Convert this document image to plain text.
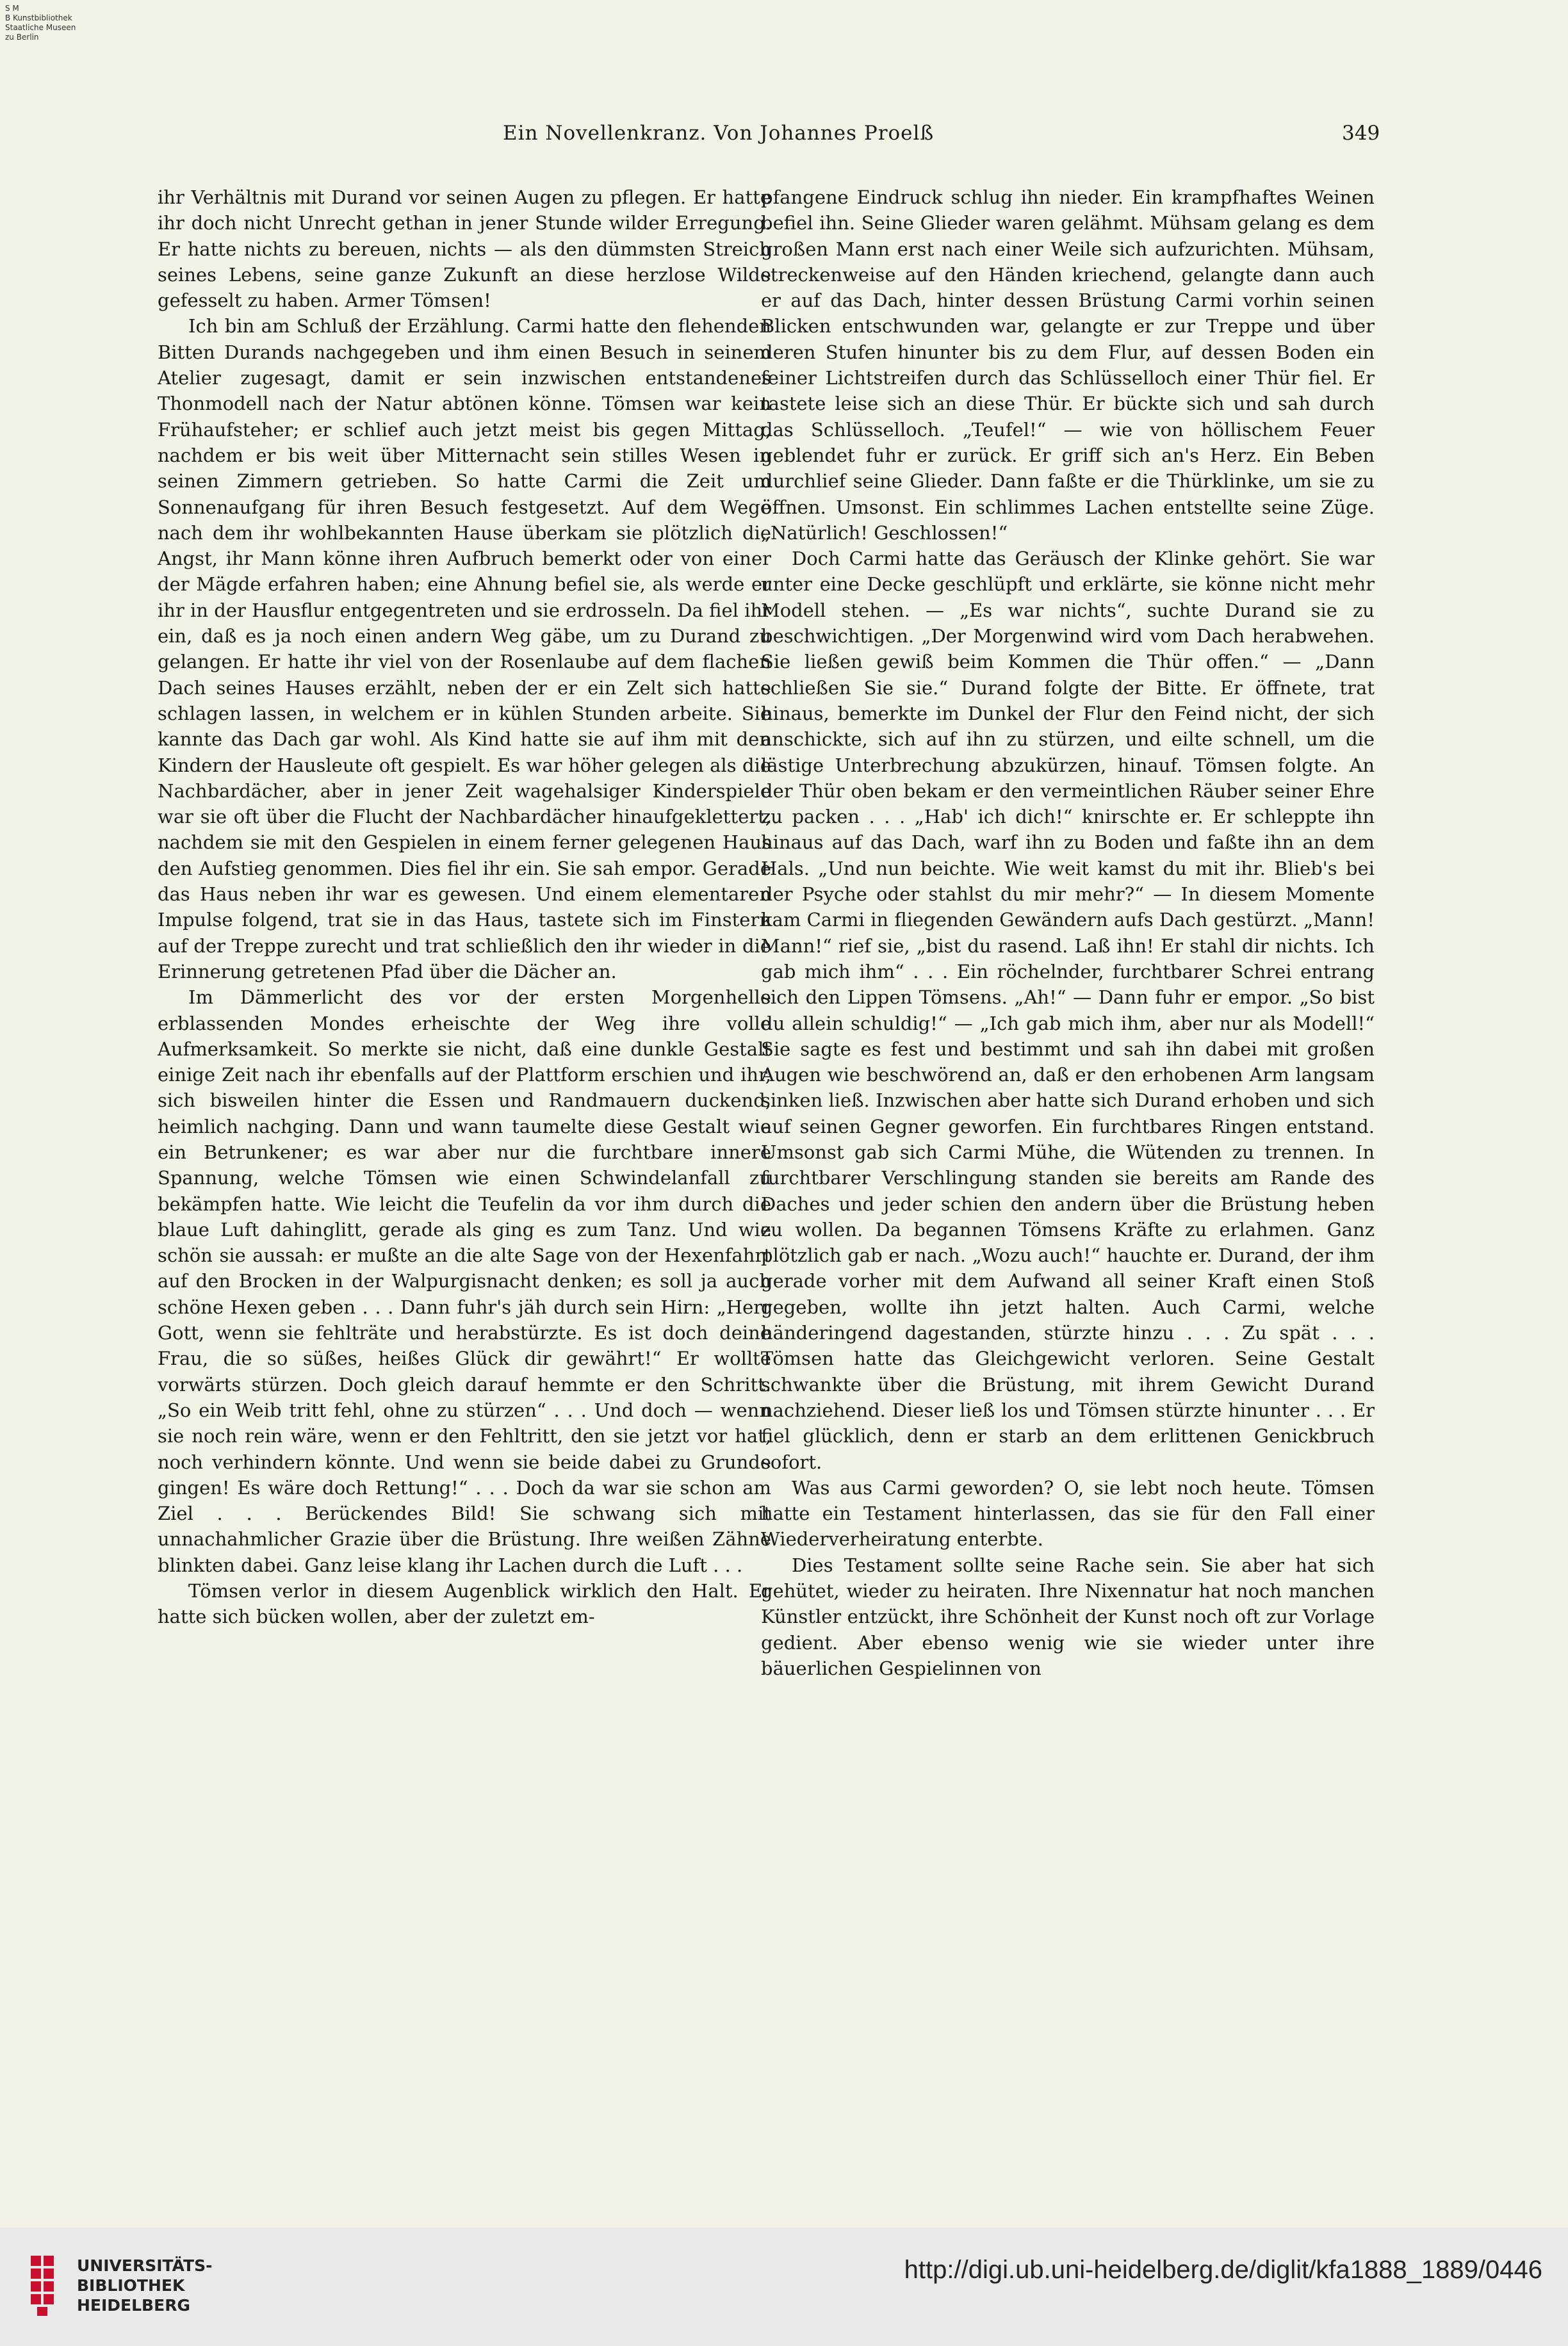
S M
B Kunstbibliothek
Staatliche Museen
zu Berlin
Ein Novellenkranz. Von Johannes Proelß	349

ihr Verhältnis mit Durand vor seinen Augen zu pflegen. Er hatte ihr doch nicht Unrecht gethan in jener Stunde wilder Erregung. Er hatte nichts zu bereuen, nichts — als den dümmsten Streich seines Lebens, seine ganze Zukunft an diese herzlose Wilde gefesselt zu haben. Armer Tömsen!

Ich bin am Schluß der Erzählung. Carmi hatte den flehenden Bitten Durands nachgegeben und ihm einen Besuch in seinem Atelier zugesagt, damit er sein inzwischen entstandenes Thonmodell nach der Natur abtönen könne. Tömsen war kein Frühaufsteher; er schlief auch jetzt meist bis gegen Mittag, nachdem er bis weit über Mitternacht sein stilles Wesen in seinen Zimmern getrieben. So hatte Carmi die Zeit um Sonnenaufgang für ihren Besuch festgesetzt. Auf dem Wege nach dem ihr wohlbekannten Hause überkam sie plötzlich die Angst, ihr Mann könne ihren Aufbruch bemerkt oder von einer der Mägde erfahren haben; eine Ahnung befiel sie, als werde er ihr in der Hausflur entgegentreten und sie erdrosseln. Da fiel ihr ein, daß es ja noch einen andern Weg gäbe, um zu Durand zu gelangen. Er hatte ihr viel von der Rosenlaube auf dem flachen Dach seines Hauses erzählt, neben der er ein Zelt sich hatte schlagen lassen, in welchem er in kühlen Stunden arbeite. Sie kannte das Dach gar wohl. Als Kind hatte sie auf ihm mit den Kindern der Hausleute oft gespielt. Es war höher gelegen als die Nachbardächer, aber in jener Zeit wagehalsiger Kinderspiele war sie oft über die Flucht der Nachbardächer hinaufgeklettert, nachdem sie mit den Gespielen in einem ferner gelegenen Haus den Aufstieg genommen. Dies fiel ihr ein. Sie sah empor. Gerade das Haus neben ihr war es gewesen. Und einem elementaren Impulse folgend, trat sie in das Haus, tastete sich im Finstern auf der Treppe zurecht und trat schließlich den ihr wieder in die Erinnerung getretenen Pfad über die Dächer an.

Im Dämmerlicht des vor der ersten Morgenhelle erblassenden Mondes erheischte der Weg ihre volle Aufmerksamkeit. So merkte sie nicht, daß eine dunkle Gestalt einige Zeit nach ihr ebenfalls auf der Plattform erschien und ihr, sich bisweilen hinter die Essen und Randmauern duckend, heimlich nachging. Dann und wann taumelte diese Gestalt wie ein Betrunkener; es war aber nur die furchtbare innere Spannung, welche Tömsen wie einen Schwindelanfall zu bekämpfen hatte. Wie leicht die Teufelin da vor ihm durch die blaue Luft dahinglitt, gerade als ging es zum Tanz. Und wie schön sie aussah: er mußte an die alte Sage von der Hexenfahrt auf den Brocken in der Walpurgisnacht denken; es soll ja auch schöne Hexen geben . . . Dann fuhr's jäh durch sein Hirn: „Herr Gott, wenn sie fehlträte und herabstürzte. Es ist doch deine Frau, die so süßes, heißes Glück dir gewährt!“ Er wollte vorwärts stürzen. Doch gleich darauf hemmte er den Schritt. „So ein Weib tritt fehl, ohne zu stürzen“ . . . Und doch — wenn sie noch rein wäre, wenn er den Fehltritt, den sie jetzt vor hat, noch verhindern könnte. Und wenn sie beide dabei zu Grunde gingen! Es wäre doch Rettung!“ . . . Doch da war sie schon am Ziel . . . Berückendes Bild! Sie schwang sich mit unnachahmlicher Grazie über die Brüstung. Ihre weißen Zähne blinkten dabei. Ganz leise klang ihr Lachen durch die Luft . . .

Tömsen verlor in diesem Augenblick wirklich den Halt. Er hatte sich bücken wollen, aber der zuletzt em-

pfangene Eindruck schlug ihn nieder. Ein krampfhaftes Weinen befiel ihn. Seine Glieder waren gelähmt. Mühsam gelang es dem großen Mann erst nach einer Weile sich aufzurichten. Mühsam, streckenweise auf den Händen kriechend, gelangte dann auch er auf das Dach, hinter dessen Brüstung Carmi vorhin seinen Blicken entschwunden war, gelangte er zur Treppe und über deren Stufen hinunter bis zu dem Flur, auf dessen Boden ein feiner Lichtstreifen durch das Schlüsselloch einer Thür fiel. Er tastete leise sich an diese Thür. Er bückte sich und sah durch das Schlüsselloch. „Teufel!“ — wie von höllischem Feuer geblendet fuhr er zurück. Er griff sich an's Herz. Ein Beben durchlief seine Glieder. Dann faßte er die Thürklinke, um sie zu öffnen. Umsonst. Ein schlimmes Lachen entstellte seine Züge. „Natürlich! Geschlossen!“

Doch Carmi hatte das Geräusch der Klinke gehört. Sie war unter eine Decke geschlüpft und erklärte, sie könne nicht mehr Modell stehen. — „Es war nichts“, suchte Durand sie zu beschwichtigen. „Der Morgenwind wird vom Dach herabwehen. Sie ließen gewiß beim Kommen die Thür offen.“ — „Dann schließen Sie sie.“ Durand folgte der Bitte. Er öffnete, trat hinaus, bemerkte im Dunkel der Flur den Feind nicht, der sich anschickte, sich auf ihn zu stürzen, und eilte schnell, um die lästige Unterbrechung abzukürzen, hinauf. Tömsen folgte. An der Thür oben bekam er den vermeintlichen Räuber seiner Ehre zu packen . . . „Hab' ich dich!“ knirschte er. Er schleppte ihn hinaus auf das Dach, warf ihn zu Boden und faßte ihn an dem Hals. „Und nun beichte. Wie weit kamst du mit ihr. Blieb's bei der Psyche oder stahlst du mir mehr?“ — In diesem Momente kam Carmi in fliegenden Gewändern aufs Dach gestürzt. „Mann! Mann!“ rief sie, „bist du rasend. Laß ihn! Er stahl dir nichts. Ich gab mich ihm“ . . . Ein röchelnder, furchtbarer Schrei entrang sich den Lippen Tömsens. „Ah!“ — Dann fuhr er empor. „So bist du allein schuldig!“ — „Ich gab mich ihm, aber nur als Modell!“ Sie sagte es fest und bestimmt und sah ihn dabei mit großen Augen wie beschwörend an, daß er den erhobenen Arm langsam sinken ließ. Inzwischen aber hatte sich Durand erhoben und sich auf seinen Gegner geworfen. Ein furchtbares Ringen entstand. Umsonst gab sich Carmi Mühe, die Wütenden zu trennen. In furchtbarer Verschlingung standen sie bereits am Rande des Daches und jeder schien den andern über die Brüstung heben zu wollen. Da begannen Tömsens Kräfte zu erlahmen. Ganz plötzlich gab er nach. „Wozu auch!“ hauchte er. Durand, der ihm gerade vorher mit dem Aufwand all seiner Kraft einen Stoß gegeben, wollte ihn jetzt halten. Auch Carmi, welche händeringend dagestanden, stürzte hinzu . . . Zu spät . . . Tömsen hatte das Gleichgewicht verloren. Seine Gestalt schwankte über die Brüstung, mit ihrem Gewicht Durand nachziehend. Dieser ließ los und Tömsen stürzte hinunter . . . Er fiel glücklich, denn er starb an dem erlittenen Genickbruch sofort.

Was aus Carmi geworden? O, sie lebt noch heute. Tömsen hatte ein Testament hinterlassen, das sie für den Fall einer Wiederverheiratung enterbte.

Dies Testament sollte seine Rache sein. Sie aber hat sich gehütet, wieder zu heiraten. Ihre Nixennatur hat noch manchen Künstler entzückt, ihre Schönheit der Kunst noch oft zur Vorlage gedient. Aber ebenso wenig wie sie wieder unter ihre bäuerlichen Gespielinnen von

UNIVERSITÄTS-
BIBLIOTHEK
HEIDELBERG
http://digi.ub.uni-heidelberg.de/diglit/kfa1888_1889/0446
